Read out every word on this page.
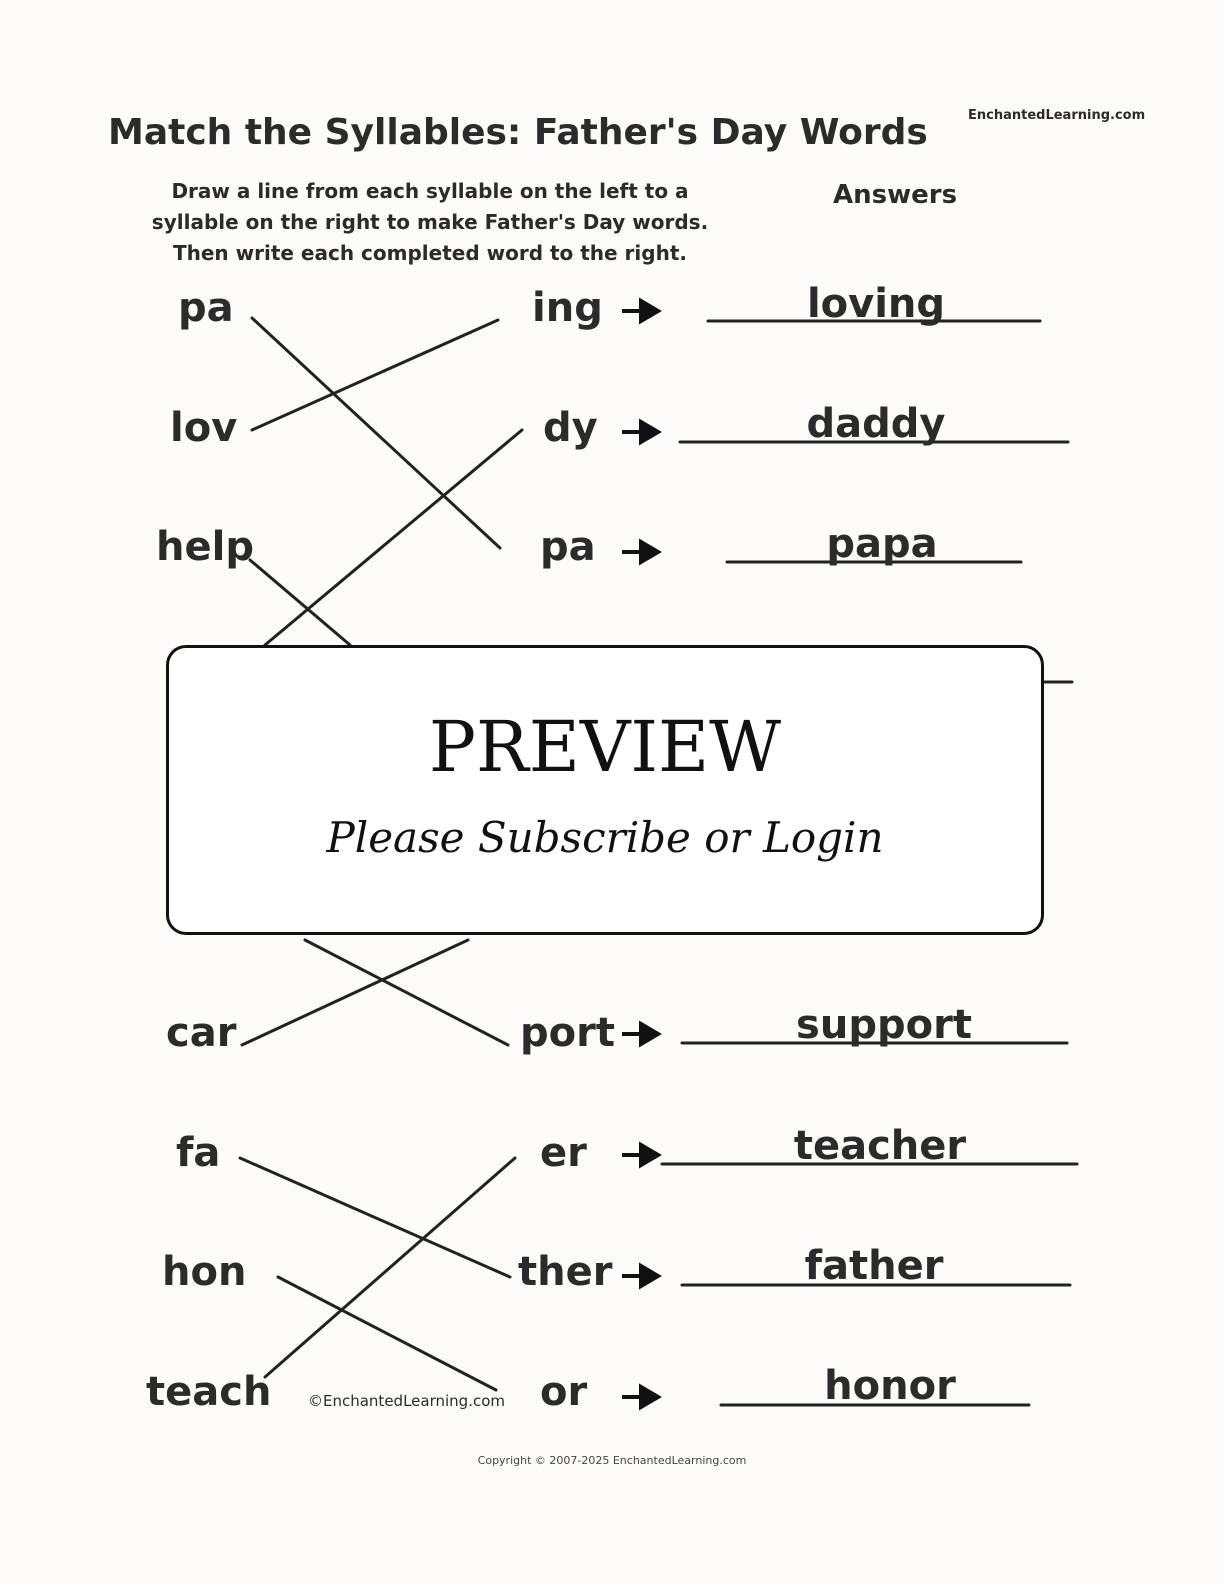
Match the Syllables: Father's Day Words	EnchantedLearning.com
Draw a line from each syllable on the left to a
syllable on the right to make Father's Day words.
Then write each completed word to the right.
Answers
pa
lov
help
car
fa
hon
teach
ing
dy
pa
port
er
ther
or
loving
daddy
papa
support
teacher
father
honor
PREVIEW
Please Subscribe or Login
©EnchantedLearning.com
Copyright © 2007-2025 EnchantedLearning.com
